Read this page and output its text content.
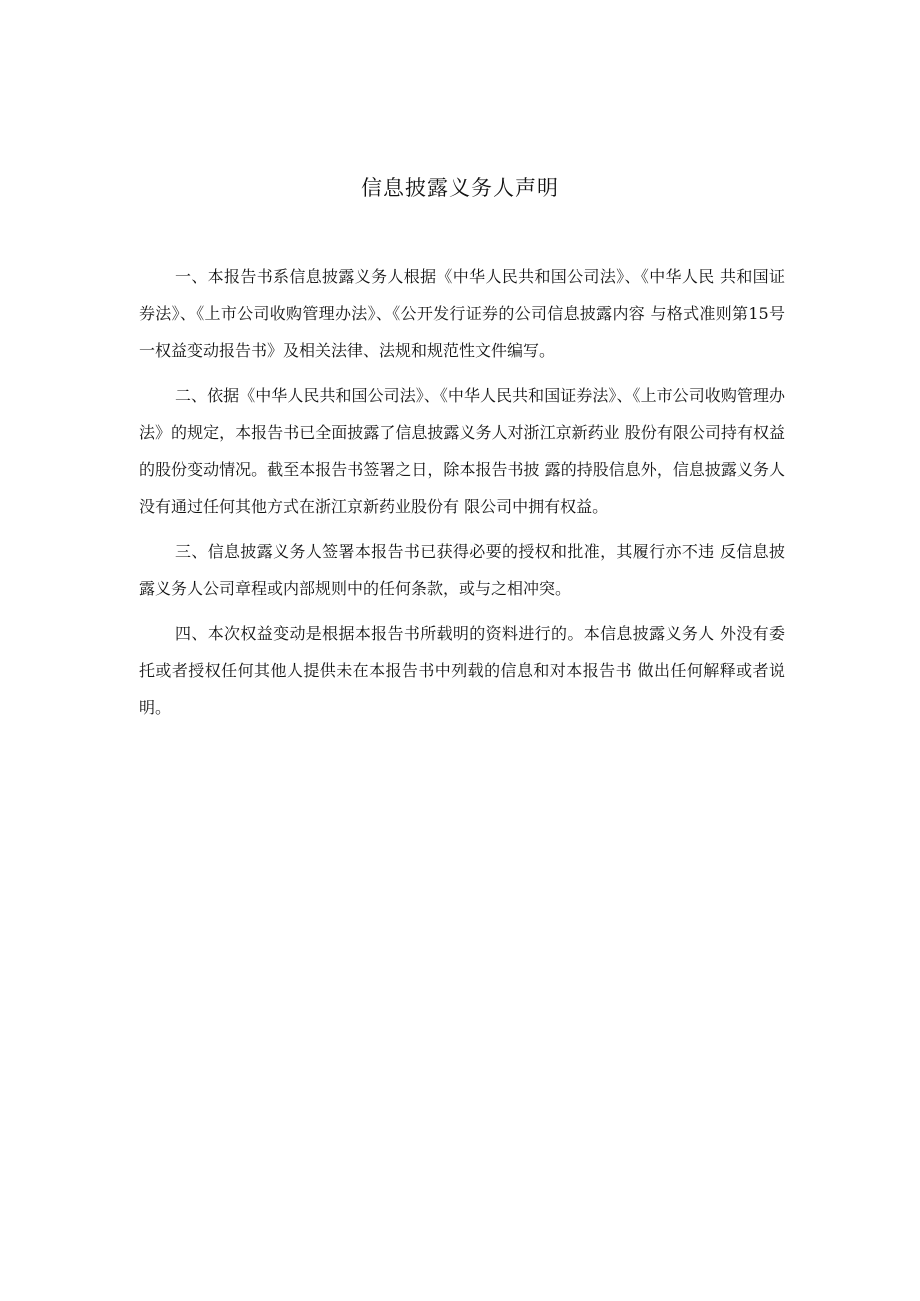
信息披露义务人声明

一、本报告书系信息披露义务人根据《中华人民共和国公司法》、《中华人民 共和国证券法》、《上市公司收购管理办法》、《公开发行证券的公司信息披露内容 与格式准则第15号一权益变动报告书》及相关法律、法规和规范性文件编写。

二、依据《中华人民共和国公司法》、《中华人民共和国证券法》、《上市公司收购管理办法》的规定，本报告书已全面披露了信息披露义务人对浙江京新药业 股份有限公司持有权益的股份变动情况。截至本报告书签署之日，除本报告书披 露的持股信息外，信息披露义务人没有通过任何其他方式在浙江京新药业股份有 限公司中拥有权益。

三、信息披露义务人签署本报告书已获得必要的授权和批准，其履行亦不违 反信息披露义务人公司章程或内部规则中的任何条款，或与之相冲突。

四、本次权益变动是根据本报告书所载明的资料进行的。本信息披露义务人 外没有委托或者授权任何其他人提供未在本报告书中列载的信息和对本报告书 做出任何解释或者说明。
